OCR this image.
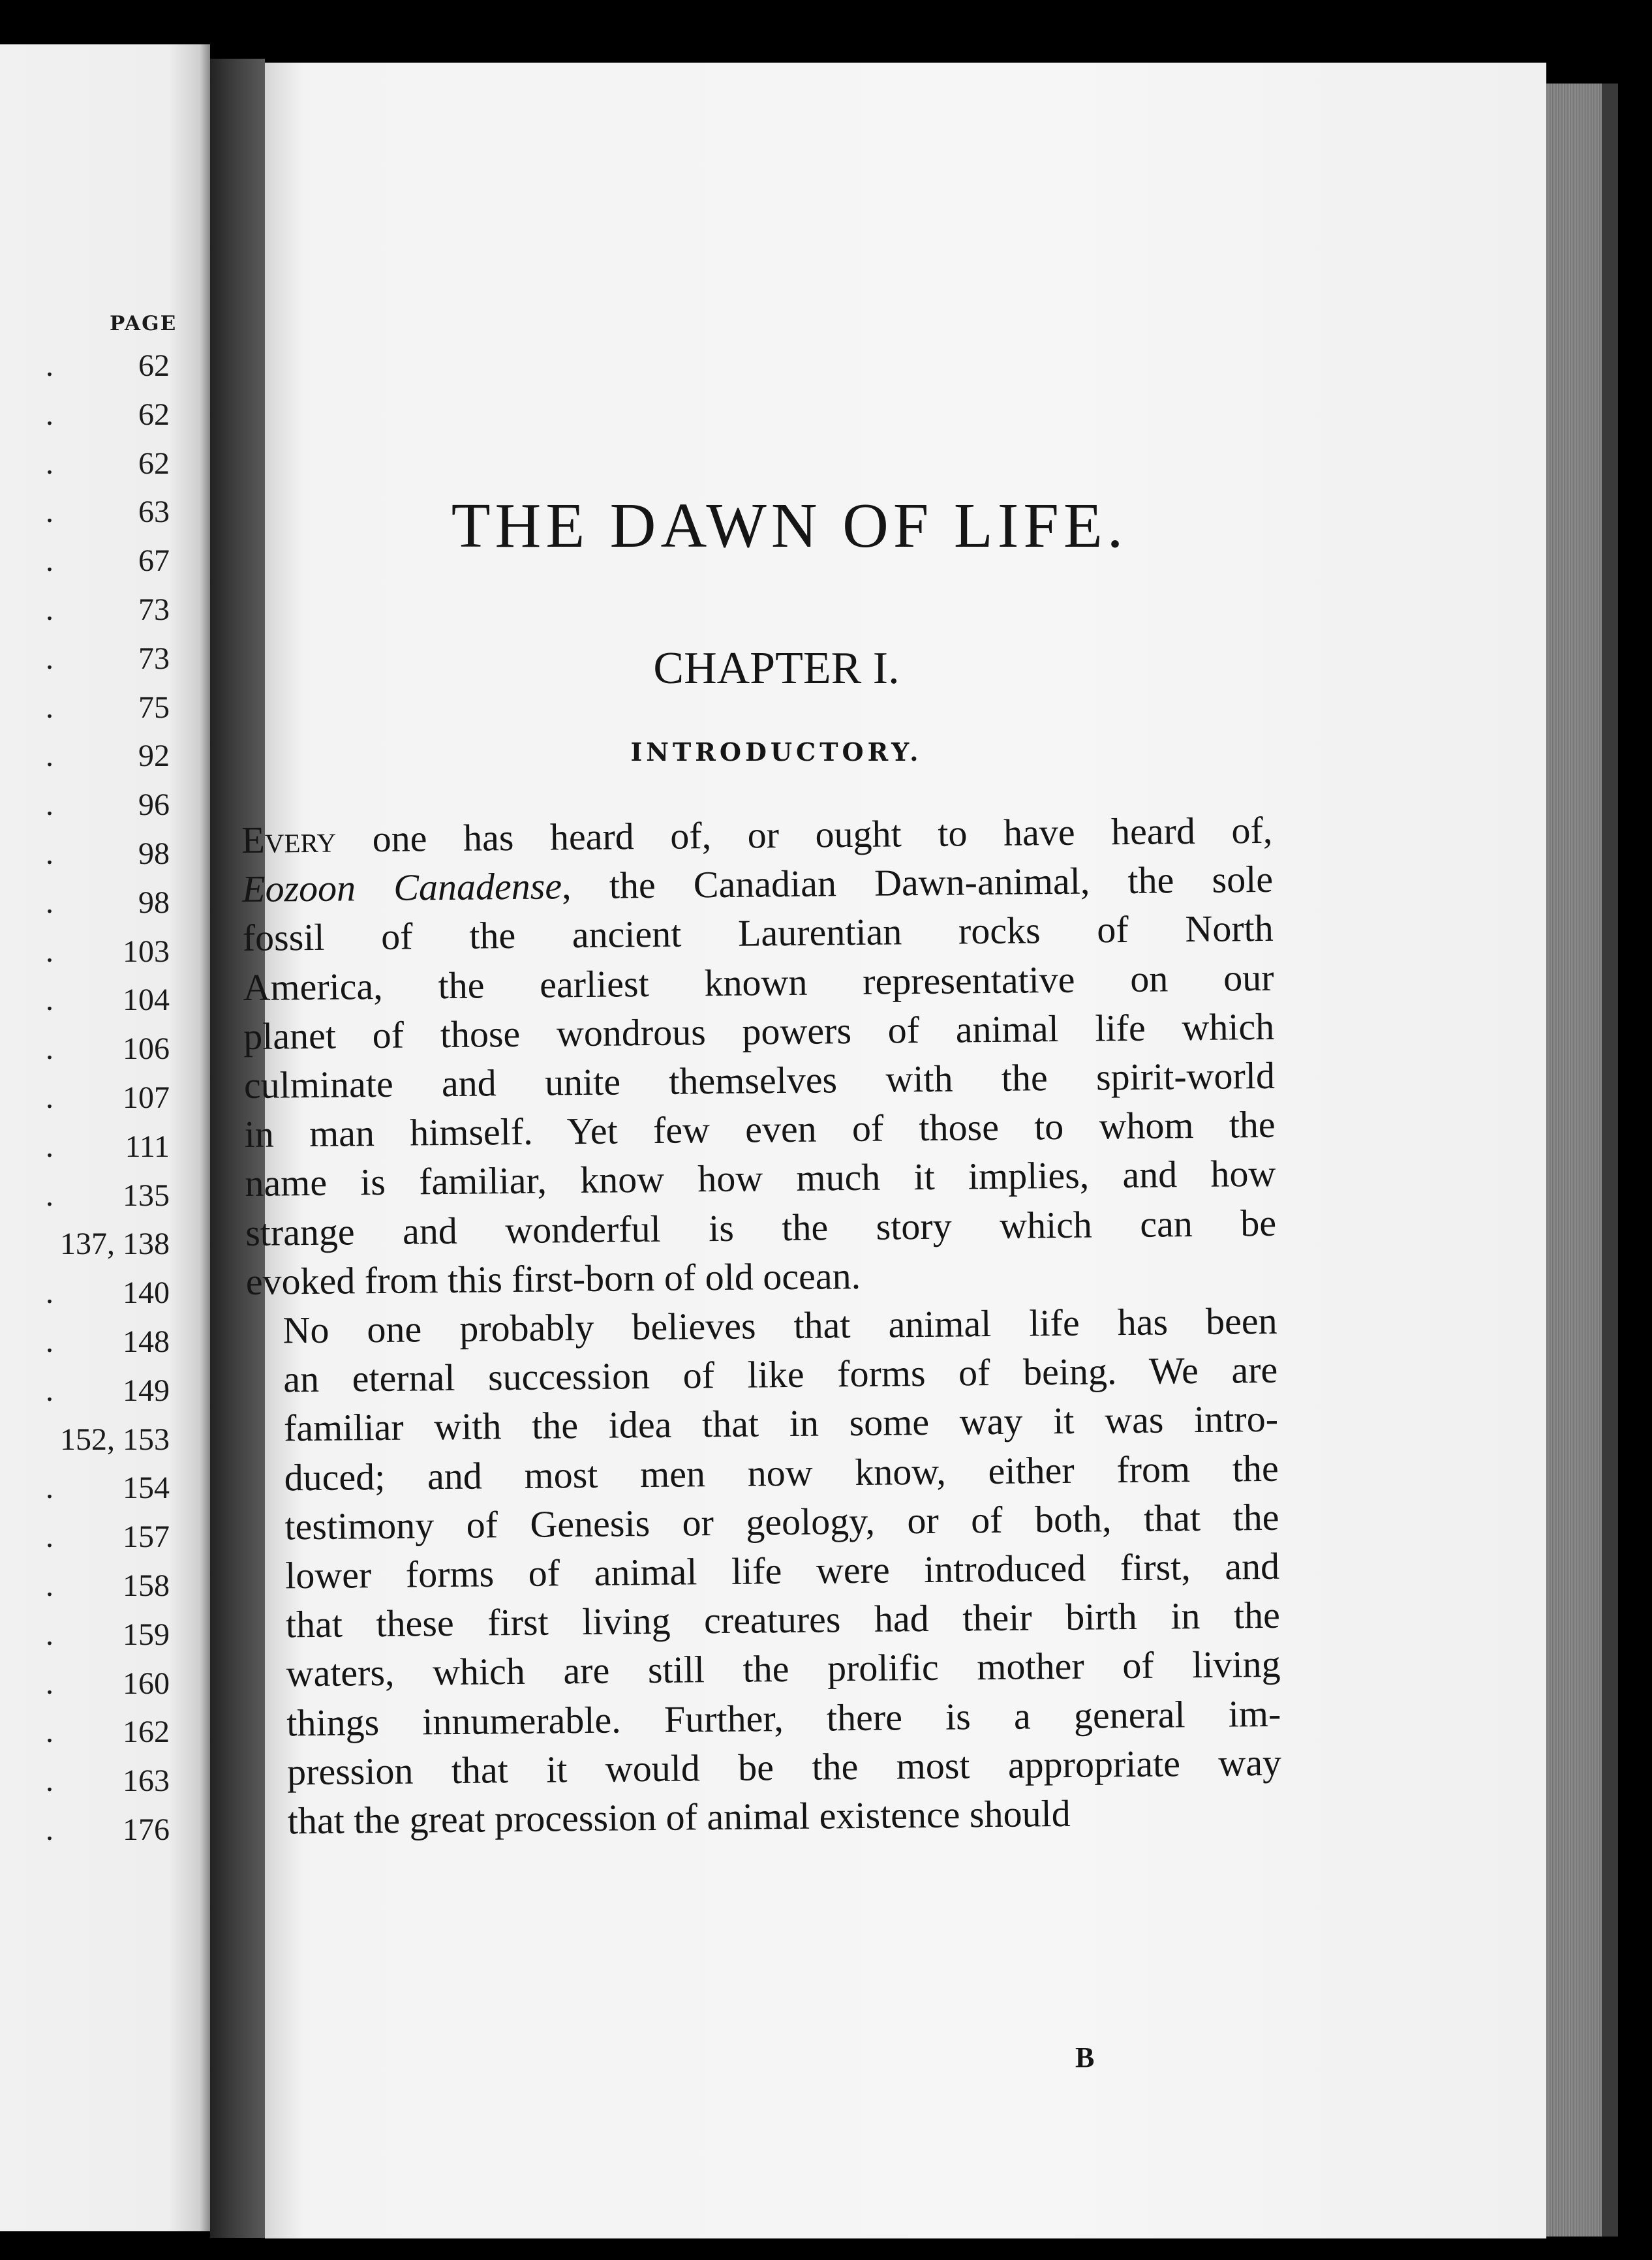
PAGE
.	62
.	62
.	62
.	63
.	67
.	73
.	73
.	75
.	92
.	96
.	98
.	98
. 103
. 104
. 106
. 107
. 111
. 135
137, 138
. 140
. 148
. 149
152, 153
. 154
. 157
. 158
. 159
. 160
. 162
. 163
. 176
THE DAWN OF LIFE.
CHAPTER I.
INTRODUCTORY.

Every one has heard of, or ought to have heard of,
Eozoon Canadense, the Canadian Dawn-animal, the sole
fossil of the ancient Laurentian rocks of North
America, the earliest known representative on our
planet of those wondrous powers of animal life which
culminate and unite themselves with the spirit-world
in man himself. Yet few even of those to whom the
name is familiar, know how much it implies, and how
strange and wonderful is the story which can be
evoked from this first-born of old ocean.

No one probably believes that animal life has been
an eternal succession of like forms of being. We are
familiar with the idea that in some way it was intro-
duced; and most men now know, either from the
testimony of Genesis or geology, or of both, that the
lower forms of animal life were introduced first, and
that these first living creatures had their birth in the
waters, which are still the prolific mother of living
things innumerable. Further, there is a general im-
pression that it would be the most appropriate way
that the great procession of animal existence should

B
